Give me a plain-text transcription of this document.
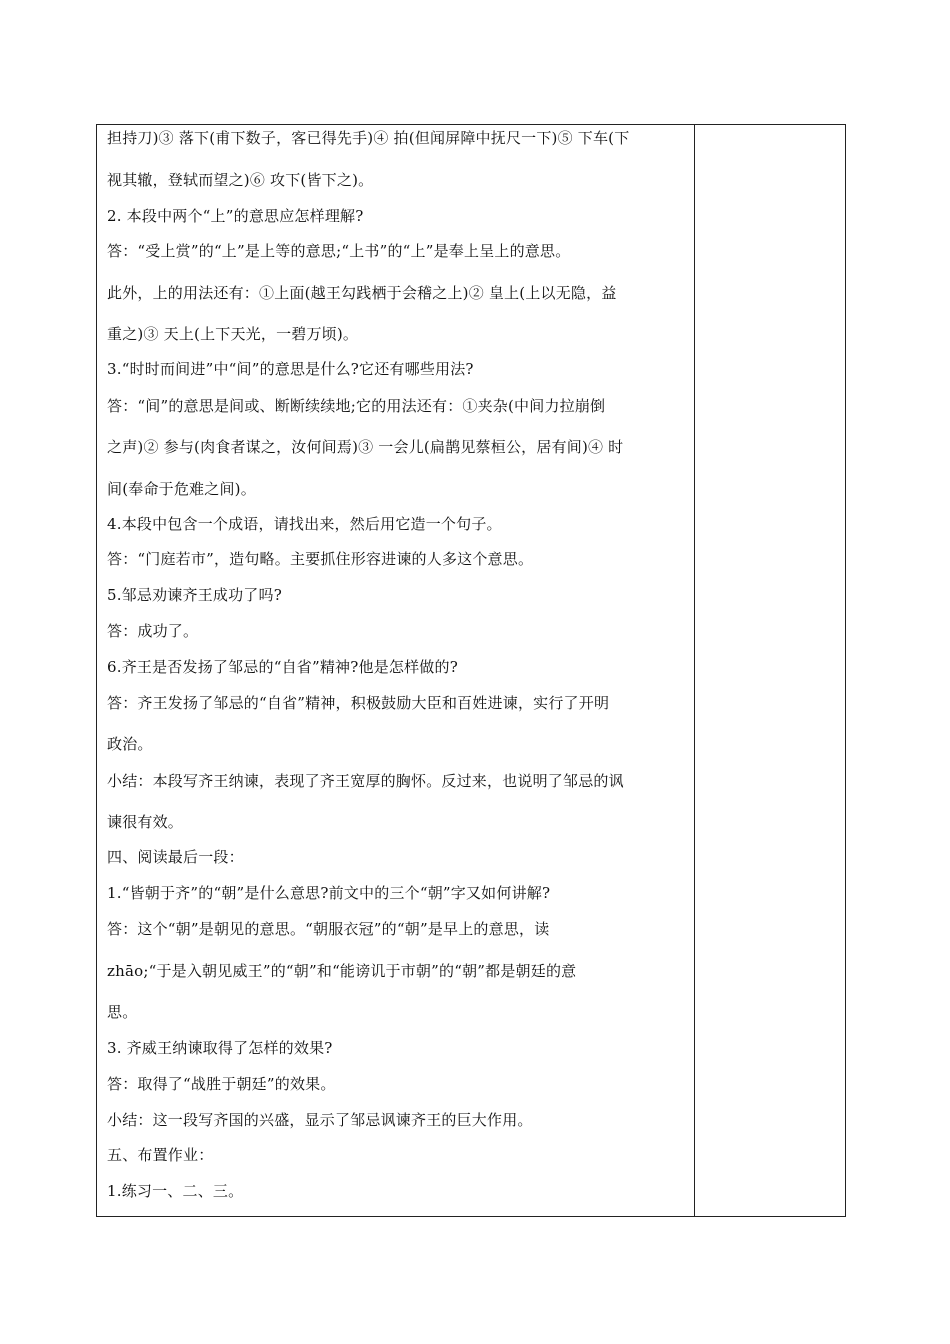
担持刀)③ 落下(甫下数子，客已得先手)④ 拍(但闻屏障中抚尺一下)⑤ 下车(下
视其辙，登轼而望之)⑥ 攻下(皆下之)。
2. 本段中两个“上”的意思应怎样理解?
答：“受上赏”的“上”是上等的意思;“上书”的“上”是奉上呈上的意思。
此外，上的用法还有：①上面(越王勾践栖于会稽之上)② 皇上(上以无隐，益
重之)③ 天上(上下天光，一碧万顷)。
3.“时时而间进”中“间”的意思是什么?它还有哪些用法?
答：“间”的意思是间或、断断续续地;它的用法还有：①夹杂(中间力拉崩倒
之声)② 参与(肉食者谋之，汝何间焉)③ 一会儿(扁鹊见蔡桓公，居有间)④ 时
间(奉命于危难之间)。
4.本段中包含一个成语，请找出来，然后用它造一个句子。
答：“门庭若市”，造句略。主要抓住形容进谏的人多这个意思。
5.邹忌劝谏齐王成功了吗?
答：成功了。
6.齐王是否发扬了邹忌的“自省”精神?他是怎样做的?
答：齐王发扬了邹忌的“自省”精神，积极鼓励大臣和百姓进谏，实行了开明
政治。
小结：本段写齐王纳谏，表现了齐王宽厚的胸怀。反过来，也说明了邹忌的讽
谏很有效。
四、阅读最后一段：
1.“皆朝于齐”的“朝”是什么意思?前文中的三个“朝”字又如何讲解?
答：这个“朝”是朝见的意思。“朝服衣冠”的“朝”是早上的意思，读
zhāo;“于是入朝见威王”的“朝”和“能谤讥于市朝”的“朝”都是朝廷的意
思。
3. 齐威王纳谏取得了怎样的效果?
答：取得了“战胜于朝廷”的效果。
小结：这一段写齐国的兴盛，显示了邹忌讽谏齐王的巨大作用。
五、布置作业：
1.练习一、二、三。
